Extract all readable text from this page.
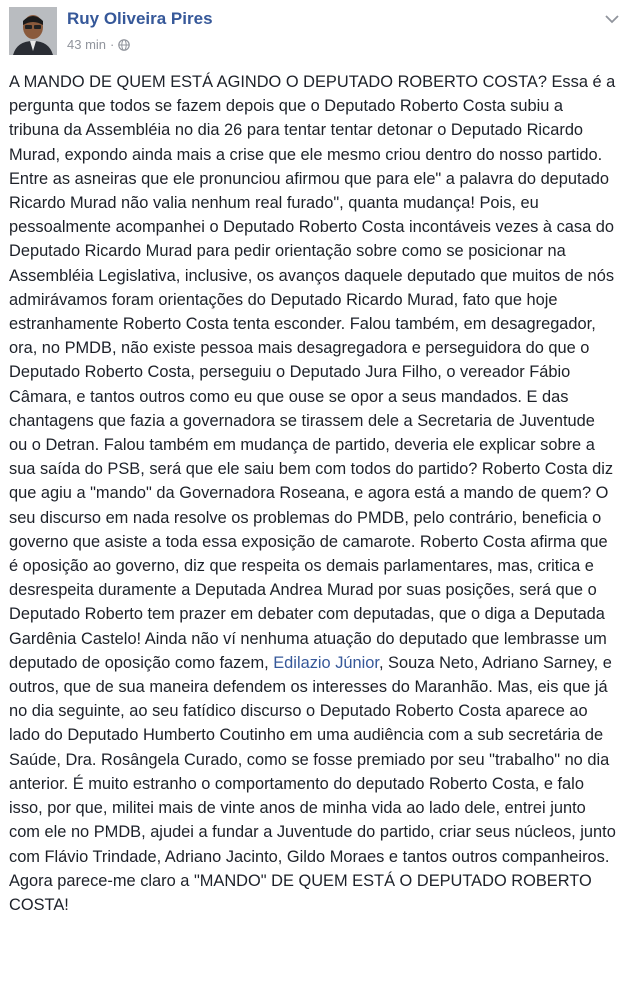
Ruy Oliveira Pires
43 min ·
A MANDO DE QUEM ESTÁ AGINDO O DEPUTADO ROBERTO COSTA? Essa é a pergunta que todos se fazem depois que o Deputado Roberto Costa subiu a tribuna da Assembléia no dia 26 para tentar tentar detonar o Deputado Ricardo Murad, expondo ainda mais a crise que ele mesmo criou dentro do nosso partido. Entre as asneiras que ele pronunciou afirmou que para ele" a palavra do deputado Ricardo Murad não valia nenhum real furado", quanta mudança! Pois, eu pessoalmente acompanhei o Deputado Roberto Costa incontáveis vezes à casa do Deputado Ricardo Murad para pedir orientação sobre como se posicionar na Assembléia Legislativa, inclusive, os avanços daquele deputado que muitos de nós admirávamos foram orientações do Deputado Ricardo Murad, fato que hoje estranhamente Roberto Costa tenta esconder. Falou também, em desagregador, ora, no PMDB, não existe pessoa mais desagregadora e perseguidora do que o Deputado Roberto Costa, perseguiu o Deputado Jura Filho, o vereador Fábio Câmara, e tantos outros como eu que ouse se opor a seus mandados. E das chantagens que fazia a governadora se tirassem dele a Secretaria de Juventude ou o Detran. Falou também em mudança de partido, deveria ele explicar sobre a sua saída do PSB, será que ele saiu bem com todos do partido? Roberto Costa diz que agiu a "mando" da Governadora Roseana, e agora está a mando de quem? O seu discurso em nada resolve os problemas do PMDB, pelo contrário, beneficia o governo que asiste a toda essa exposição de camarote. Roberto Costa afirma que é oposição ao governo, diz que respeita os demais parlamentares, mas, critica e desrespeita duramente a Deputada Andrea Murad por suas posições, será que o Deputado Roberto tem prazer em debater com deputadas, que o diga a Deputada Gardênia Castelo! Ainda não ví nenhuma atuação do deputado que lembrasse um deputado de oposição como fazem, Edilazio Júnior, Souza Neto, Adriano Sarney, e outros, que de sua maneira defendem os interesses do Maranhão. Mas, eis que já no dia seguinte, ao seu fatídico discurso o Deputado Roberto Costa aparece ao lado do Deputado Humberto Coutinho em uma audiência com a sub secretária de Saúde, Dra. Rosângela Curado, como se fosse premiado por seu "trabalho" no dia anterior. É muito estranho o comportamento do deputado Roberto Costa, e falo isso, por que, militei mais de vinte anos de minha vida ao lado dele, entrei junto com ele no PMDB, ajudei a fundar a Juventude do partido, criar seus núcleos, junto com Flávio Trindade, Adriano Jacinto, Gildo Moraes e tantos outros companheiros. Agora parece-me claro a "MANDO" DE QUEM ESTÁ O DEPUTADO ROBERTO COSTA!
